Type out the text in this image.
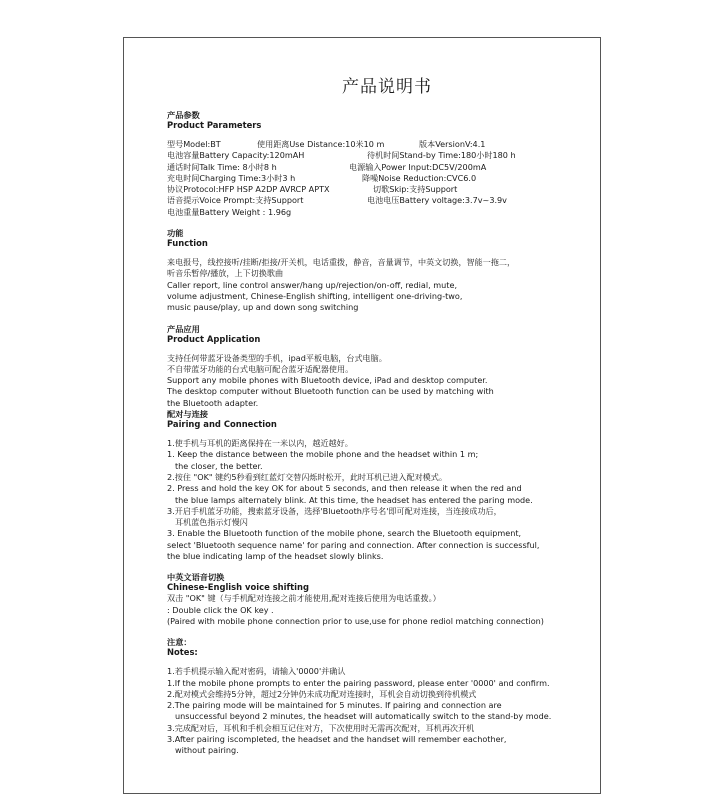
产品说明书
产品参数
Product Parameters
型号Model:BT	使用距离Use Distance:10米10 m	版本VersionV:4.1
电池容量Battery Capacity:120mAH	待机时间Stand-by Time:180小时180 h
通话时间Talk Time: 8小时8 h	电源输入Power Input:DC5V/200mA
充电时间Charging Time:3小时3 h	降噪Noise Reduction:CVC6.0
协议Protocol:HFP HSP A2DP AVRCP APTX	切歌Skip:支持Support
语音提示Voice Prompt:支持Support	电池电压Battery voltage:3.7v~3.9v
电池重量Battery Weight : 1.96g
功能
Function
来电报号，线控接听/挂断/拒接/开关机，电话重拨，静音，音量调节，中英文切换，智能一拖二，
听音乐暂停/播放，上下切换歌曲
Caller report, line control answer/hang up/rejection/on-off, redial, mute,
volume adjustment, Chinese-English shifting, intelligent one-driving-two,
music pause/play, up and down song switching
产品应用
Product Application
支持任何带蓝牙设备类型的手机，ipad平板电脑，台式电脑。
不自带蓝牙功能的台式电脑可配合蓝牙适配器使用。
Support any mobile phones with Bluetooth device, iPad and desktop computer.
The desktop computer without Bluetooth function can be used by matching with
the Bluetooth adapter.
配对与连接
Pairing and Connection
1.使手机与耳机的距离保持在一米以内，越近越好。
1. Keep the distance between the mobile phone and the headset within 1 m;
the closer, the better.
2.按住 "OK" 键约5秒看到红蓝灯交替闪烁时松开，此时耳机已进入配对模式。
2. Press and hold the key OK for about 5 seconds, and then release it when the red and
the blue lamps alternately blink. At this time, the headset has entered the paring mode.
3.开启手机蓝牙功能，搜索蓝牙设备，选择'Bluetooth序号名'即可配对连接，当连接成功后，
耳机蓝色指示灯慢闪
3. Enable the Bluetooth function of the mobile phone, search the Bluetooth equipment,
select 'Bluetooth sequence name' for paring and connection. After connection is successful,
the blue indicating lamp of the headset slowly blinks.
中英文语音切换
Chinese-English voice shifting
双击 "OK" 键（与手机配对连接之前才能使用,配对连接后使用为电话重拨。）
: Double click the OK key .
(Paired with mobile phone connection prior to use,use for phone rediol matching connection)
注意：
Notes:
1.若手机提示输入配对密码，请输入'0000'并确认
1.If the mobile phone prompts to enter the pairing password, please enter '0000' and confirm.
2.配对模式会维持5分钟，超过2分钟仍未成功配对连接时，耳机会自动切换到待机模式
2.The pairing mode will be maintained for 5 minutes. If pairing and connection are
unsuccessful beyond 2 minutes, the headset will automatically switch to the stand-by mode.
3.完成配对后，耳机和手机会相互记住对方，下次使用时无需再次配对，耳机再次开机
3.After pairing iscompleted, the headset and the handset will remember eachother,
without pairing.
